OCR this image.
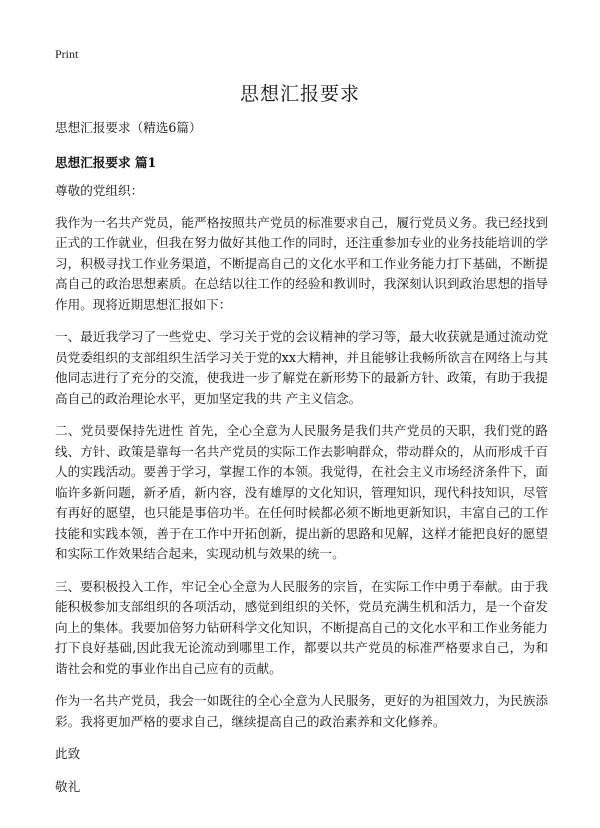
Print
思想汇报要求

思想汇报要求（精选6篇）

思想汇报要求 篇1

尊敬的党组织：

我作为一名共产党员，能严格按照共产党员的标准要求自己，履行党员义务。我已经找到正式的工作就业，但我在努力做好其他工作的同时，还注重参加专业的业务技能培训的学习，积极寻找工作业务渠道，不断提高自己的文化水平和工作业务能力打下基础，不断提高自己的政治思想素质。在总结以往工作的经验和教训时，我深刻认识到政治思想的指导作用。现将近期思想汇报如下：

一、最近我学习了一些党史、学习关于党的会议精神的学习等，最大收获就是通过流动党员党委组织的支部组织生活学习关于党的xx大精神，并且能够让我畅所欲言在网络上与其他同志进行了充分的交流，使我进一步了解党在新形势下的最新方针、政策，有助于我提高自己的政治理论水平，更加坚定我的共 产主义信念。

二、党员要保持先进性 首先，全心全意为人民服务是我们共产党员的天职，我们党的路线、方针、政策是靠每一名共产党员的实际工作去影响群众，带动群众的，从而形成千百人的实践活动。要善于学习，掌握工作的本领。我觉得，在社会主义市场经济条件下，面临许多新问题，新矛盾，新内容，没有雄厚的文化知识，管理知识，现代科技知识，尽管有再好的愿望，也只能是事倍功半。在任何时候都必须不断地更新知识，丰富自己的工作技能和实践本领，善于在工作中开拓创新，提出新的思路和见解，这样才能把良好的愿望和实际工作效果结合起来，实现动机与效果的统一。

三、要积极投入工作，牢记全心全意为人民服务的宗旨，在实际工作中勇于奉献。由于我能积极参加支部组织的各项活动，感觉到组织的关怀，党员充满生机和活力，是一个奋发向上的集体。我要加倍努力钻研科学文化知识，不断提高自己的文化水平和工作业务能力打下良好基础,因此我无论流动到哪里工作，都要以共产党员的标准严格要求自己，为和谐社会和党的事业作出自己应有的贡献。

作为一名共产党员，我会一如既往的全心全意为人民服务，更好的为祖国效力，为民族添彩。我将更加严格的要求自己，继续提高自己的政治素养和文化修养。

此致

敬礼
